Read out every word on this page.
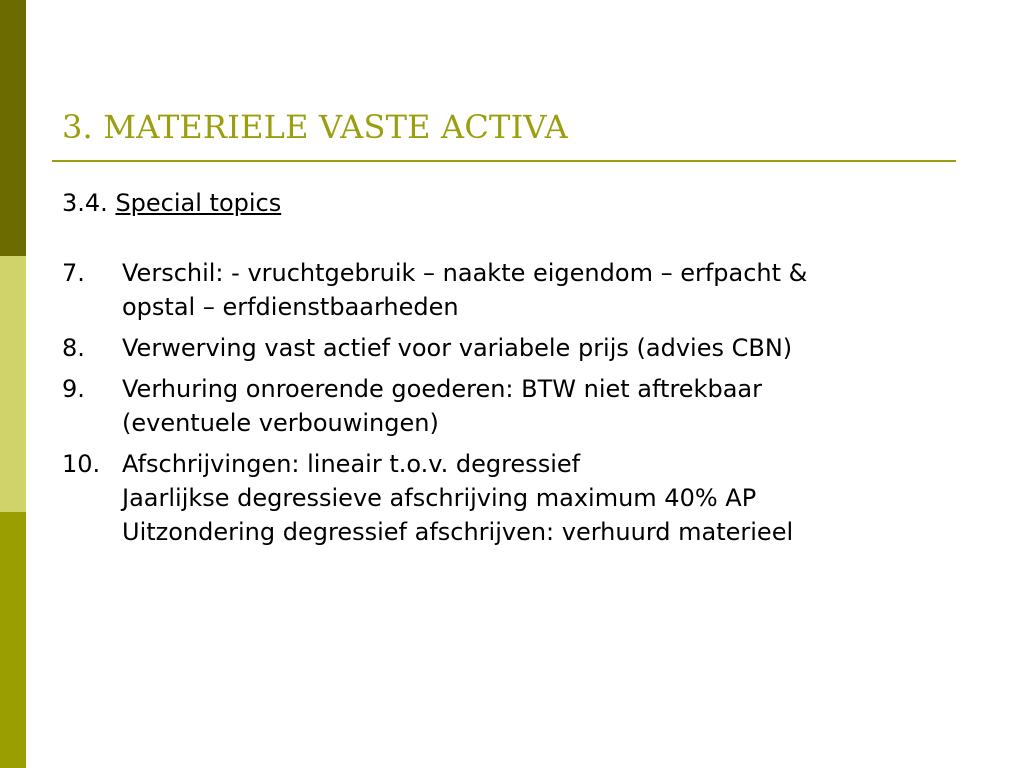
3. MATERIELE VASTE ACTIVA

3.4. Special topics

7.	Verschil: - vruchtgebruik – naakte eigendom – erfpacht &
opstal – erfdienstbaarheden
8.	Verwerving vast actief voor variabele prijs (advies CBN)
9.	Verhuring onroerende goederen: BTW niet aftrekbaar
(eventuele verbouwingen)
10. Afschrijvingen: lineair t.o.v. degressief
Jaarlijkse degressieve afschrijving maximum 40% AP
Uitzondering degressief afschrijven: verhuurd materieel
